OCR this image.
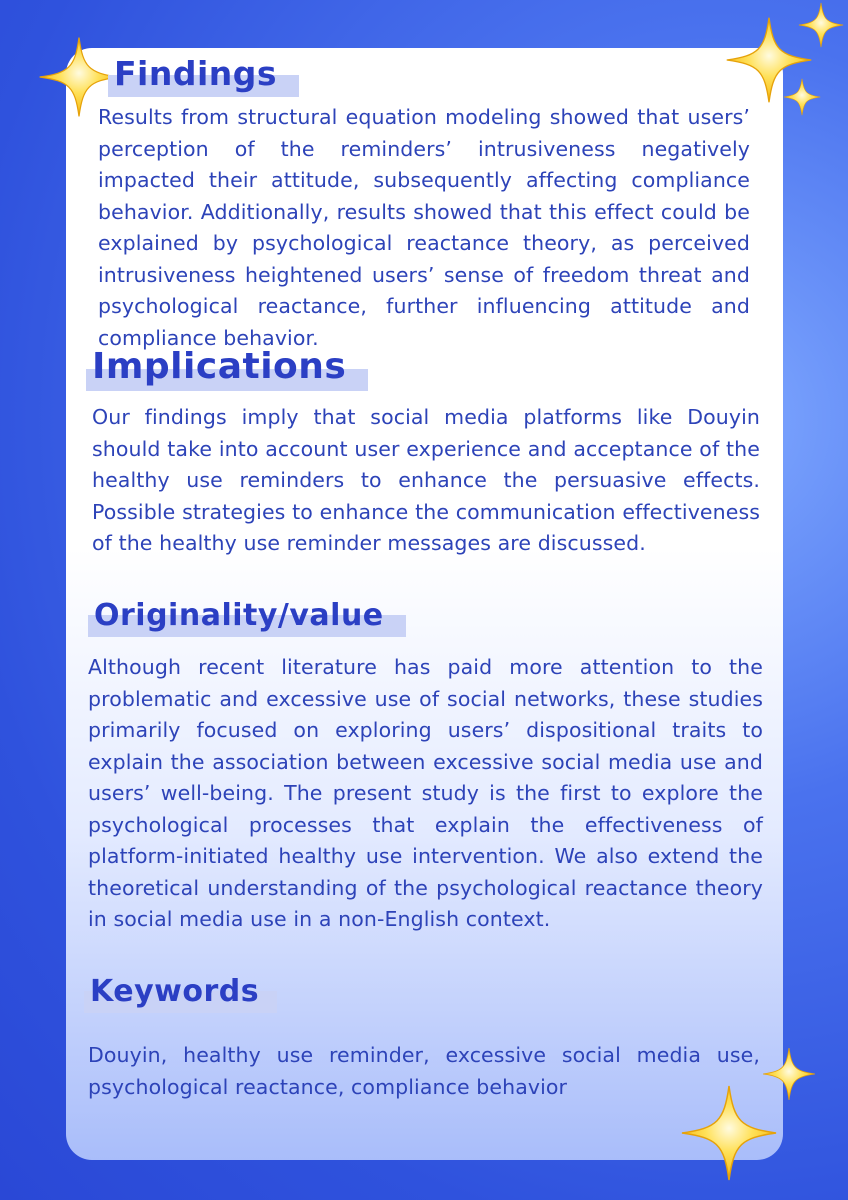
Findings

Results from structural equation modeling showed that users’ perception of the reminders’ intrusiveness negatively impacted their attitude, subsequently affecting compliance behavior. Additionally, results showed that this effect could be explained by psychological reactance theory, as perceived intrusiveness heightened users’ sense of freedom threat and psychological reactance, further influencing attitude and compliance behavior.

Implications

Our findings imply that social media platforms like Douyin should take into account user experience and acceptance of the healthy use reminders to enhance the persuasive effects. Possible strategies to enhance the communication effectiveness of the healthy use reminder messages are discussed.

Originality/value

Although recent literature has paid more attention to the problematic and excessive use of social networks, these studies primarily focused on exploring users’ dispositional traits to explain the association between excessive social media use and users’ well-being. The present study is the first to explore the psychological processes that explain the effectiveness of platform-initiated healthy use intervention. We also extend the theoretical understanding of the psychological reactance theory in social media use in a non-English context.

Keywords

Douyin, healthy use reminder, excessive social media use, psychological reactance, compliance behavior
